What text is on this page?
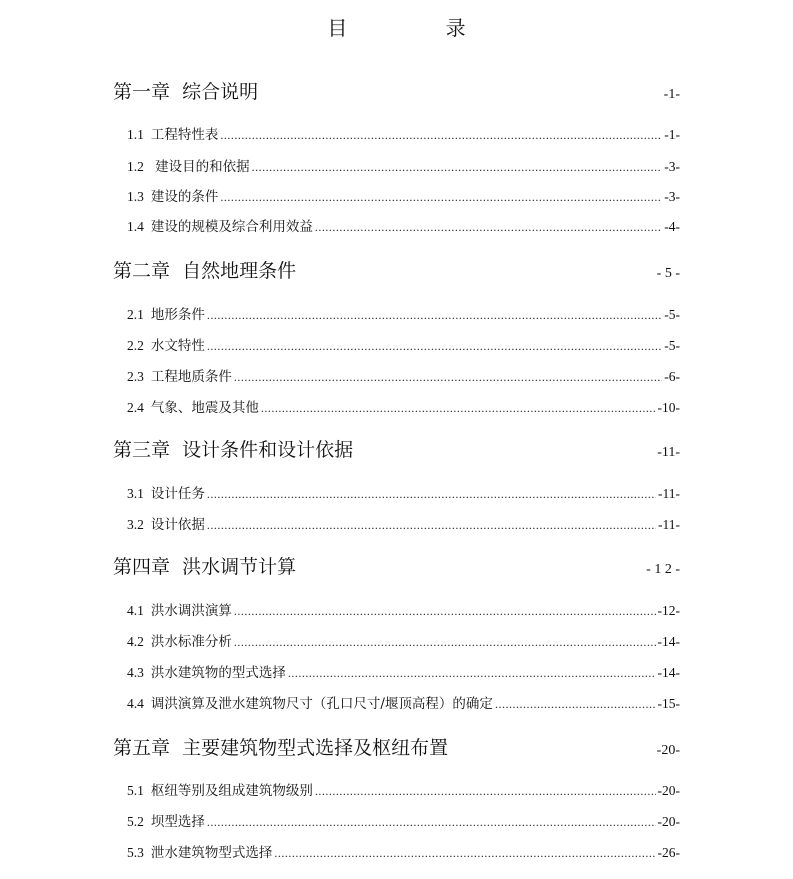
目 录
第一章 综合说明	-1-
1.1 工程特性表 .....	-1-
1.2 建设目的和依据 .....	-3-
1.3 建设的条件 .....	-3-
1.4 建设的规模及综合利用效益 .....	-4-
第二章 自然地理条件	- 5 -
2.1 地形条件 .....	-5-
2.2 水文特性 .....	-5-
2.3 工程地质条件 .....	-6-
2.4 气象、地震及其他 .....	-10-
第三章 设计条件和设计依据	-11-
3.1 设计任务 .....	-11-
3.2 设计依据 .....	-11-
第四章 洪水调节计算	- 1 2 -
4.1 洪水调洪演算 .....	-12-
4.2 洪水标准分析 .....	-14-
4.3 洪水建筑物的型式选择 .....	-14-
4.4 调洪演算及泄水建筑物尺寸（孔口尺寸/堰顶高程）的确定 .....	-15-
第五章 主要建筑物型式选择及枢纽布置	-20-
5.1 枢纽等别及组成建筑物级别 .....	-20-
5.2 坝型选择 .....	-20-
5.3 泄水建筑物型式选择 .....	-26-
